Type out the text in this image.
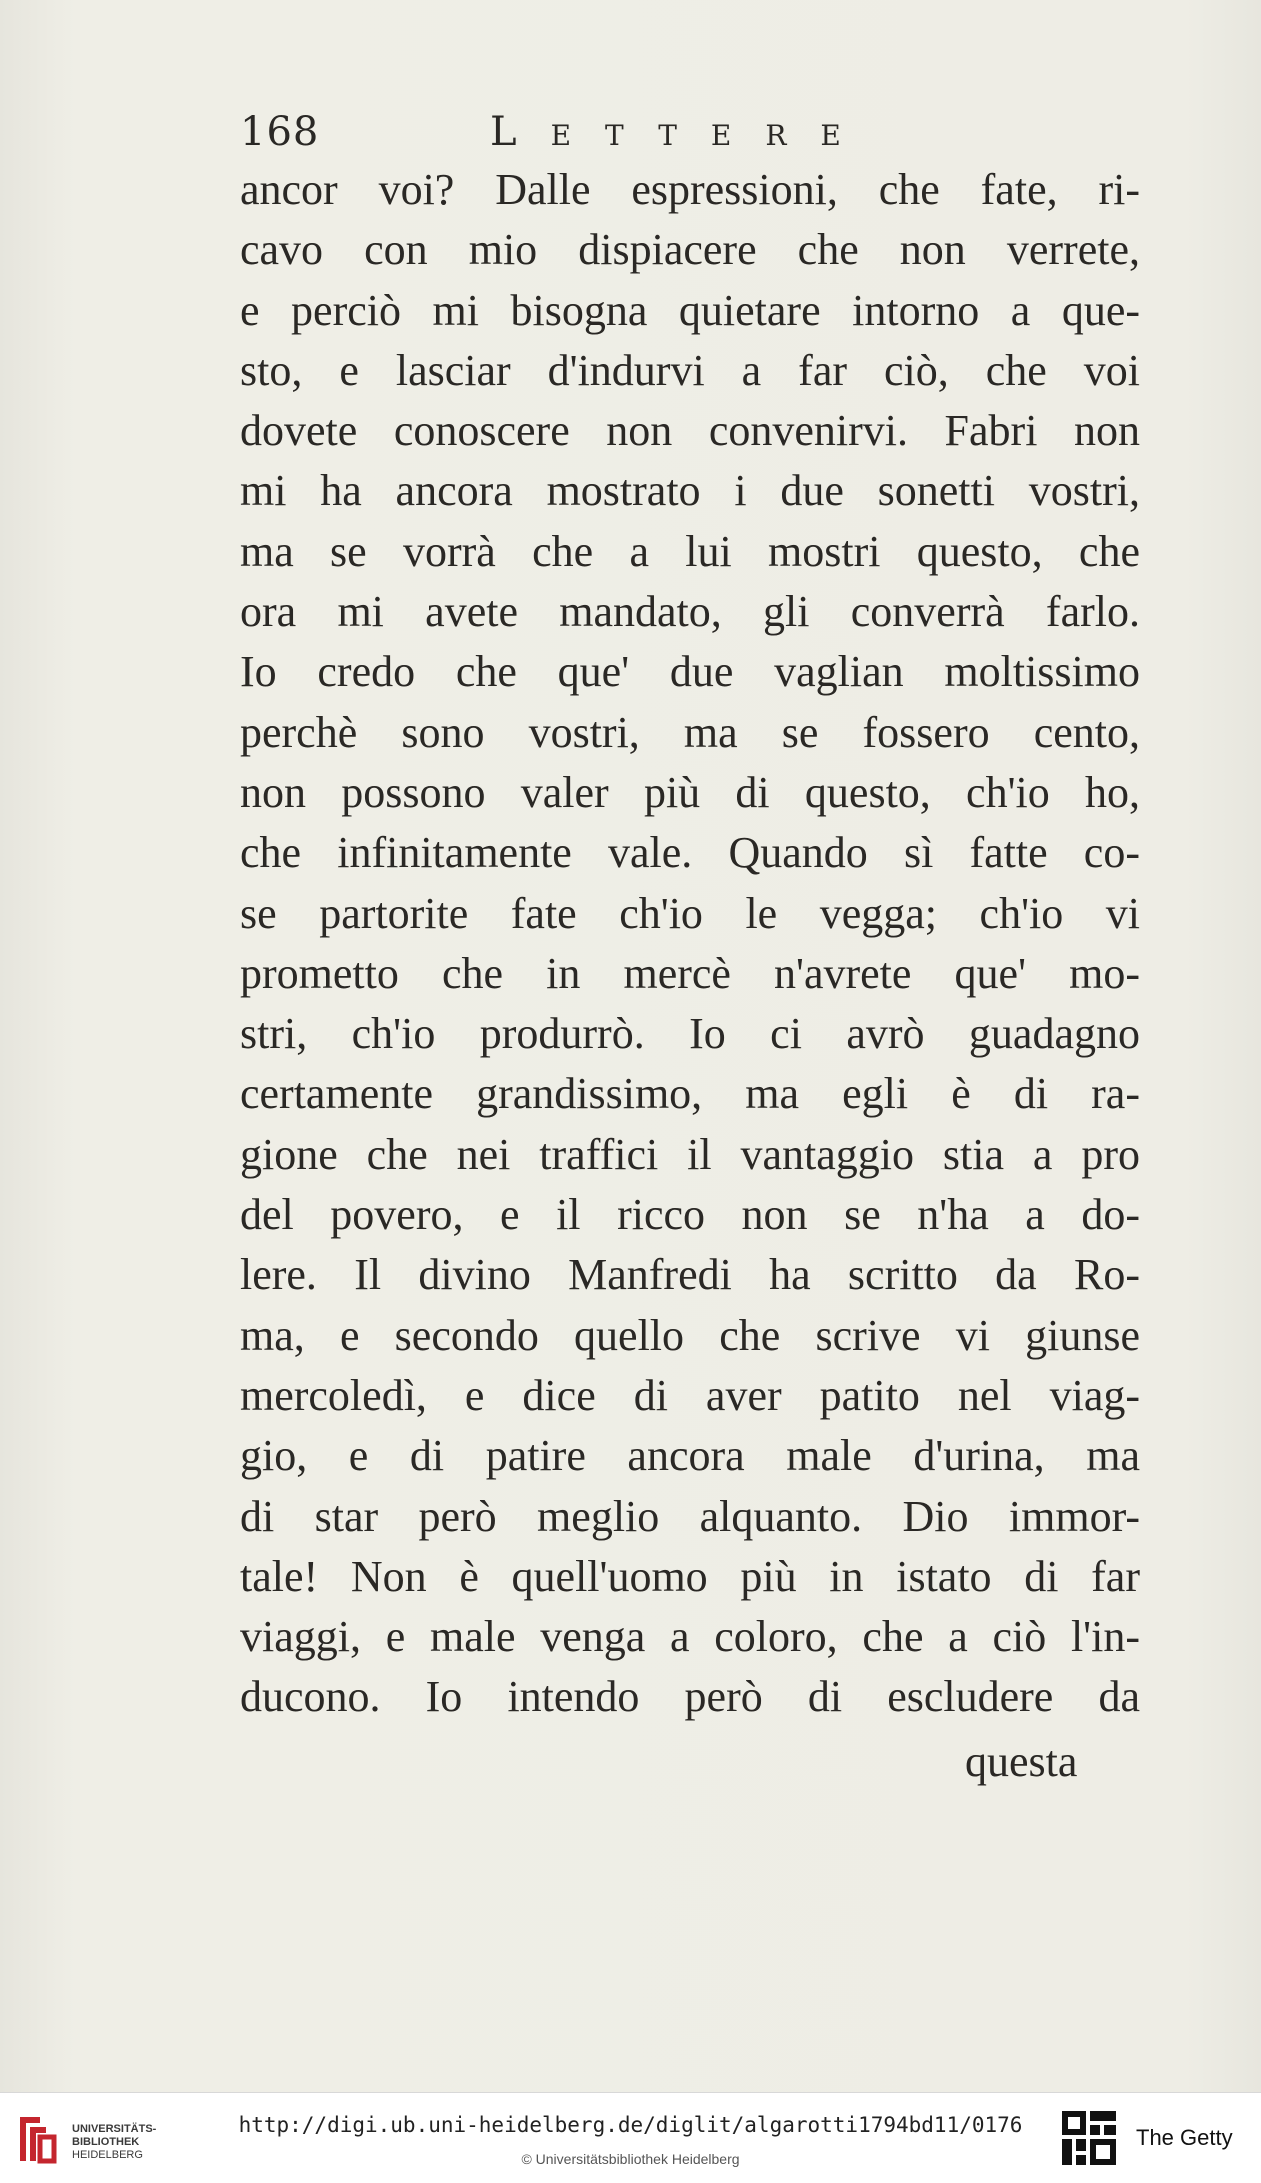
168	Lettere
ancor voi? Dalle espressioni, che fate, ri-
cavo con mio dispiacere che non verrete,
e perciò mi bisogna quietare intorno a que-
sto, e lasciar d'indurvi a far ciò, che voi
dovete conoscere non convenirvi. Fabri non
mi ha ancora mostrato i due sonetti vostri,
ma se vorrà che a lui mostri questo, che
ora mi avete mandato, gli converrà farlo.
Io credo che que' due vaglian moltissimo
perchè sono vostri, ma se fossero cento,
non possono valer più di questo, ch'io ho,
che infinitamente vale. Quando sì fatte co-
se partorite fate ch'io le vegga; ch'io vi
prometto che in mercè n'avrete que' mo-
stri, ch'io produrrò. Io ci avrò guadagno
certamente grandissimo, ma egli è di ra-
gione che nei traffici il vantaggio stia a pro
del povero, e il ricco non se n'ha a do-
lere. Il divino Manfredi ha scritto da Ro-
ma, e secondo quello che scrive vi giunse
mercoledì, e dice di aver patito nel viag-
gio, e di patire ancora male d'urina, ma
di star però meglio alquanto. Dio immor-
tale! Non è quell'uomo più in istato di far
viaggi, e male venga a coloro, che a ciò l'in-
ducono. Io intendo però di escludere da
questa
UNIVERSITÄTS-
BIBLIOTHEK
HEIDELBERG
http://digi.ub.uni-heidelberg.de/diglit/algarotti1794bd11/0176
© Universitätsbibliothek Heidelberg
The Getty
